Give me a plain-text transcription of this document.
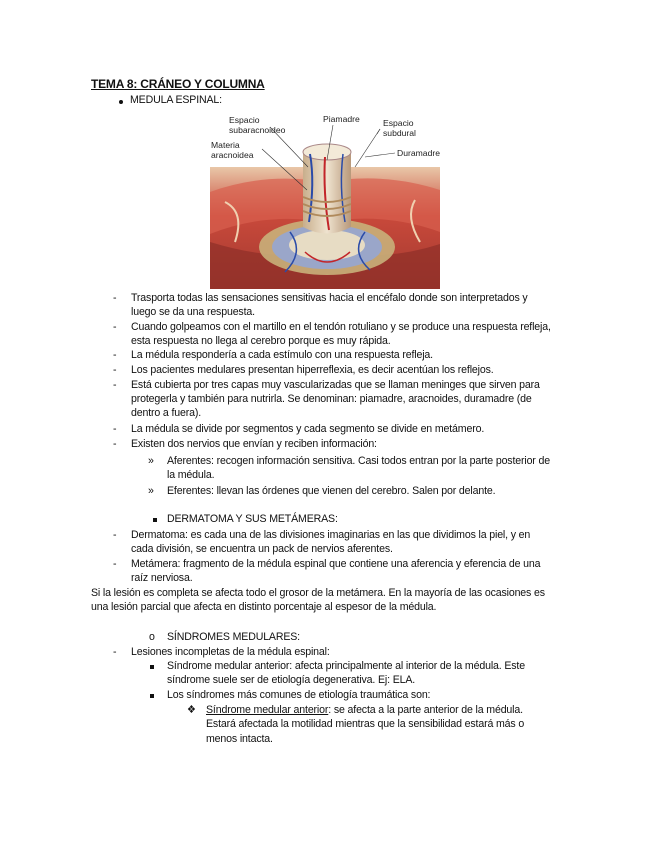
TEMA 8: CRÁNEO Y COLUMNA
MEDULA ESPINAL:
Espacio
subaracnoideo
Piamadre	Espacio
subdural
Materia
aracnoidea	Duramadre
- Trasporta todas las sensaciones sensitivas hacia el encéfalo donde son interpretados y
luego se da una respuesta.
- Cuando golpeamos con el martillo en el tendón rotuliano y se produce una respuesta refleja,
esta respuesta no llega al cerebro porque es muy rápida.
- La médula respondería a cada estímulo con una respuesta refleja.
- Los pacientes medulares presentan hiperreflexia, es decir acentúan los reflejos.
- Está cubierta por tres capas muy vascularizadas que se llaman meninges que sirven para
protegerla y también para nutrirla. Se denominan: piamadre, aracnoides, duramadre (de
dentro a fuera).
- La médula se divide por segmentos y cada segmento se divide en metámero.
- Existen dos nervios que envían y reciben información:
» Aferentes: recogen información sensitiva. Casi todos entran por la parte posterior de
la médula.
» Eferentes: llevan las órdenes que vienen del cerebro. Salen por delante.
DERMATOMA Y SUS METÁMERAS:
- Dermatoma: es cada una de las divisiones imaginarias en las que dividimos la piel, y en
cada división, se encuentra un pack de nervios aferentes.
- Metámera: fragmento de la médula espinal que contiene una aferencia y eferencia de una
raíz nerviosa.
Si la lesión es completa se afecta todo el grosor de la metámera. En la mayoría de las ocasiones es
una lesión parcial que afecta en distinto porcentaje al espesor de la médula.
o SÍNDROMES MEDULARES:
- Lesiones incompletas de la médula espinal:
Síndrome medular anterior: afecta principalmente al interior de la médula. Este
síndrome suele ser de etiología degenerativa. Ej: ELA.
Los síndromes más comunes de etiología traumática son:
❖ Síndrome medular anterior: se afecta a la parte anterior de la médula.
Estará afectada la motilidad mientras que la sensibilidad estará más o
menos intacta.
